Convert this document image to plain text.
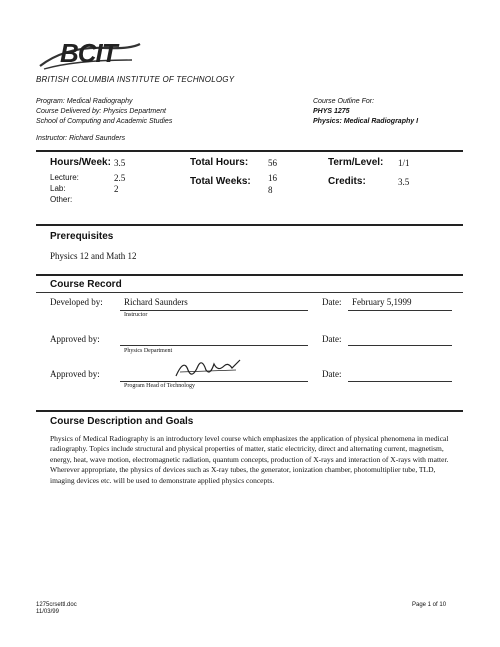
BCIT
BRITISH COLUMBIA INSTITUTE OF TECHNOLOGY
Program: Medical Radiography
Course Delivered by: Physics Department
School of Computing and Academic Studies
Instructor: Richard Saunders
Course Outline For:
PHYS 1275
Physics: Medical Radiography I
Hours/Week: 3.5
Lecture:	2.5
Lab:	2
Other:
Total Hours: 56
Total Weeks: 16
8
Term/Level: 1/1
Credits:	3.5
Prerequisites
Physics 12 and Math 12
Course Record
Developed by: Richard Saunders
Instructor
Date: February 5,1999
Approved by:
Physics Department
Date:
Approved by:
Program Head of Technology
Date:
Course Description and Goals
Physics of Medical Radiography is an introductory level course which emphasizes the application of physical phenomena in medical radiography. Topics include structural and physical properties of matter, static electricity, direct and alternating current, magnetism, energy, heat, wave motion, electromagnetic radiation, quantum concepts, production of X-rays and interaction of X-rays with matter. Wherever appropriate, the physics of devices such as X-ray tubes, the generator, ionization chamber, photomultiplier tube, TLD, imaging devices etc. will be used to demonstrate applied physics concepts.
1275crsettl.doc
11/03/99
Page 1 of 10
